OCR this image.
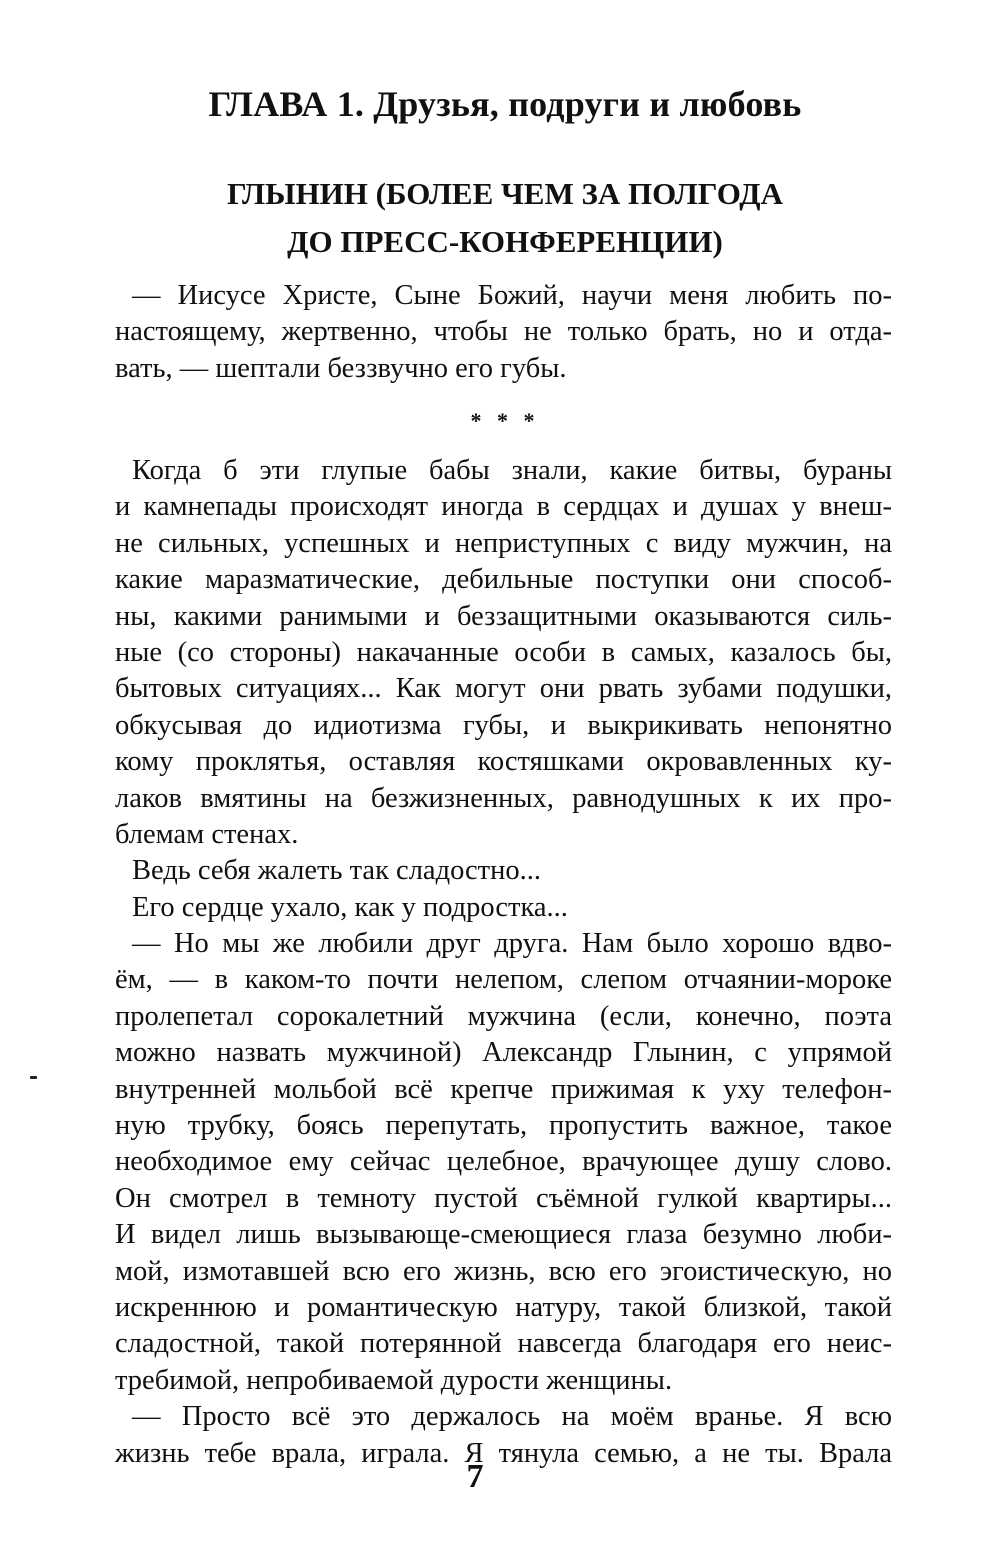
ГЛАВА 1. Друзья, подруги и любовь
ГЛЫНИН (БОЛЕЕ ЧЕМ ЗА ПОЛГОДА
ДО ПРЕСС-КОНФЕРЕНЦИИ)
— Иисусе Христе, Сыне Божий, научи меня любить по-
настоящему, жертвенно, чтобы не только брать, но и отда-
вать, — шептали беззвучно его губы.
* * *
Когда б эти глупые бабы знали, какие битвы, бураны
и камнепады происходят иногда в сердцах и душах у внеш-
не сильных, успешных и неприступных с виду мужчин, на
какие маразматические, дебильные поступки они способ-
ны, какими ранимыми и беззащитными оказываются силь-
ные (со стороны) накачанные особи в самых, казалось бы,
бытовых ситуациях... Как могут они рвать зубами подушки,
обкусывая до идиотизма губы, и выкрикивать непонятно
кому проклятья, оставляя костяшками окровавленных ку-
лаков вмятины на безжизненных, равнодушных к их про-
блемам стенах.
Ведь себя жалеть так сладостно...
Его сердце ухало, как у подростка...
— Но мы же любили друг друга. Нам было хорошо вдво-
ём, — в каком-то почти нелепом, слепом отчаянии-мороке
пролепетал сорокалетний мужчина (если, конечно, поэта
можно назвать мужчиной) Александр Глынин, с упрямой
внутренней мольбой всё крепче прижимая к уху телефон-
ную трубку, боясь перепутать, пропустить важное, такое
необходимое ему сейчас целебное, врачующее душу слово.
Он смотрел в темноту пустой съёмной гулкой квартиры...
И видел лишь вызывающе-смеющиеся глаза безумно люби-
мой, измотавшей всю его жизнь, всю его эгоистическую, но
искреннюю и романтическую натуру, такой близкой, такой
сладостной, такой потерянной навсегда благодаря его неис-
требимой, непробиваемой дурости женщины.
— Просто всё это держалось на моём вранье. Я всю
жизнь тебе врала, играла. Я тянула семью, а не ты. Врала
7
